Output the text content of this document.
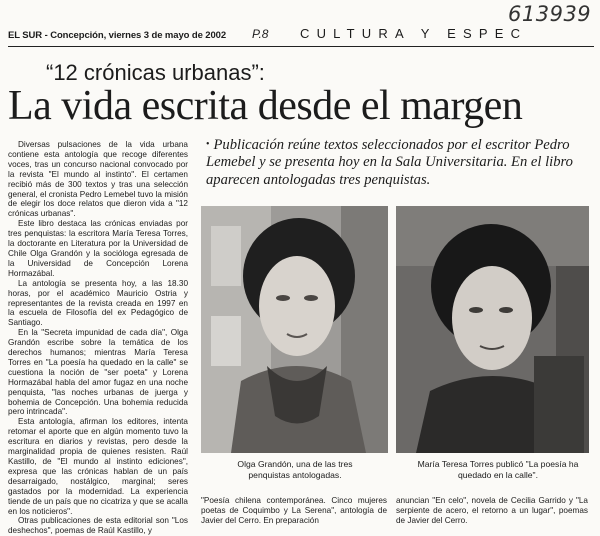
613939
EL SUR - Concepción, viernes 3 de mayo de 2002 P.8 CULTURA Y ESPEC
“12 crónicas urbanas”:
La vida escrita desde el margen

Diversas pulsaciones de la vida urbana contiene esta antología que recoge diferentes voces, tras un concurso nacional convocado por la revista "El mundo al instinto". El certamen recibió más de 300 textos y tras una selección general, el cronista Pedro Lemebel tuvo la misión de elegir los doce relatos que dieron vida a "12 crónicas urbanas".

Este libro destaca las crónicas enviadas por tres penquistas: la escritora María Teresa Torres, la doctorante en Literatura por la Universidad de Chile Olga Grandón y la socióloga egresada de la Universidad de Concepción Lorena Hormazábal.

La antología se presenta hoy, a las 18.30 horas, por el académico Mauricio Ostria y representantes de la revista creada en 1997 en la escuela de Filosofía del ex Pedagógico de Santiago.

En la "Secreta impunidad de cada día", Olga Grandón escribe sobre la temática de los derechos humanos; mientras María Teresa Torres en "La poesía ha quedado en la calle" se cuestiona la noción de "ser poeta" y Lorena Hormazábal habla del amor fugaz en una noche penquista, "las noches urbanas de juerga y bohemia de Concepción. Una bohemia reducida pero intrincada".

Esta antología, afirman los editores, intenta retomar el aporte que en algún momento tuvo la escritura en diarios y revistas, pero desde la marginalidad propia de quienes resisten. Raúl Kastillo, de "El mundo al instinto ediciones", expresa que las crónicas hablan de un país desarraigado, nostálgico, marginal; seres gastados por la modernidad. La experiencia tiende de un país que no cicatriza y que se acalla en los noticieros".

Otras publicaciones de esta editorial son "Los deshechos", poemas de Raúl Kastillo, y

• Publicación reúne textos seleccionados por el escritor Pedro Lemebel y se presenta hoy en la Sala Universitaria. En el libro aparecen antologadas tres penquistas.
Olga Grandón, una de las tres penquistas antologadas.
María Teresa Torres publicó "La poesía ha quedado en la calle".
"Poesía chilena contemporánea. Cinco mujeres poetas de Coquimbo y La Serena", antología de Javier del Cerro. En preparación
anuncian "En celo", novela de Cecilia Garrido y "La serpiente de acero, el retorno a un lugar", poemas de Javier del Cerro.
